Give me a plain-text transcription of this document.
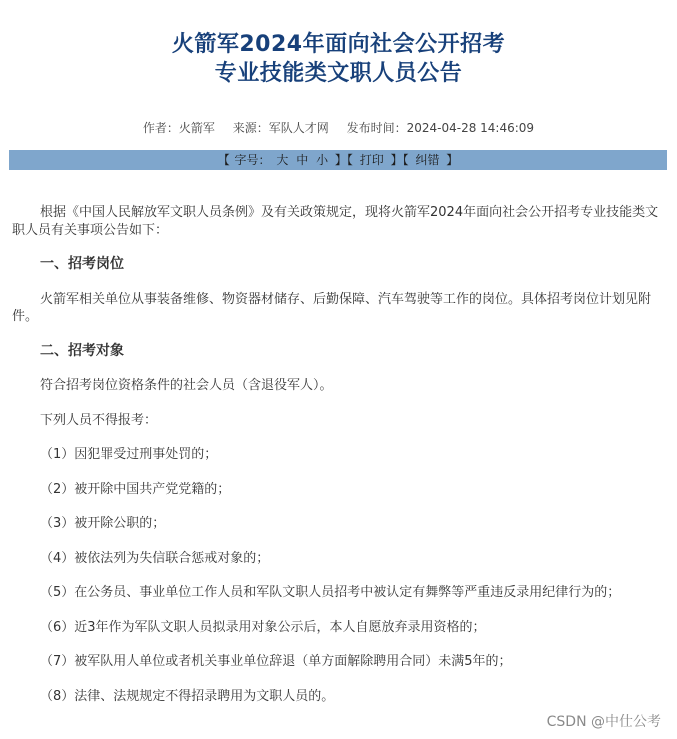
火箭军2024年面向社会公开招考
专业技能类文职人员公告
作者：火箭军 来源：军队人才网 发布时间：2024-04-28 14:46:09
【 字号： 大 中 小 】【 打印 】【 纠错 】

根据《中国人民解放军文职人员条例》及有关政策规定，现将火箭军2024年面向社会公开招考专业技能类文职人员有关事项公告如下：

一、招考岗位

火箭军相关单位从事装备维修、物资器材储存、后勤保障、汽车驾驶等工作的岗位。具体招考岗位计划见附件。

二、招考对象

符合招考岗位资格条件的社会人员（含退役军人）。

下列人员不得报考：

（1）因犯罪受过刑事处罚的；

（2）被开除中国共产党党籍的；

（3）被开除公职的；

（4）被依法列为失信联合惩戒对象的；

（5）在公务员、事业单位工作人员和军队文职人员招考中被认定有舞弊等严重违反录用纪律行为的；

（6）近3年作为军队文职人员拟录用对象公示后，本人自愿放弃录用资格的；

（7）被军队用人单位或者机关事业单位辞退（单方面解除聘用合同）未满5年的；

（8）法律、法规规定不得招录聘用为文职人员的。

CSDN @中仕公考
